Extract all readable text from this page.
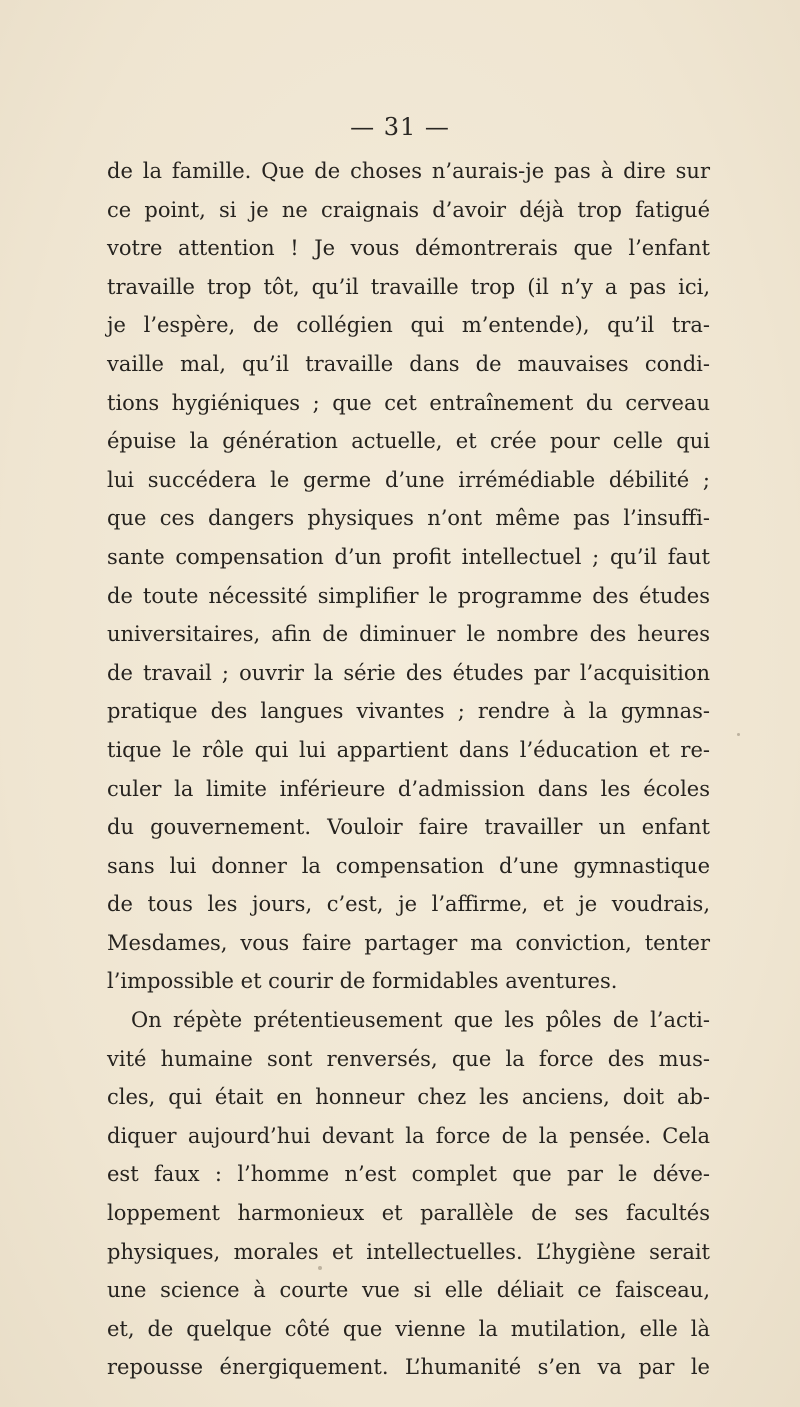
— 31 —
de la famille. Que de choses n’aurais-je pas à dire sur
ce point, si je ne craignais d’avoir déjà trop fatigué
votre attention ! Je vous démontrerais que l’enfant
travaille trop tôt, qu’il travaille trop (il n’y a pas ici,
je l’espère, de collégien qui m’entende), qu’il tra-
vaille mal, qu’il travaille dans de mauvaises condi-
tions hygiéniques ; que cet entraînement du cerveau
épuise la génération actuelle, et crée pour celle qui
lui succédera le germe d’une irrémédiable débilité ;
que ces dangers physiques n’ont même pas l’insuffi-
sante compensation d’un profit intellectuel ; qu’il faut
de toute nécessité simplifier le programme des études
universitaires, afin de diminuer le nombre des heures
de travail ; ouvrir la série des études par l’acquisition
pratique des langues vivantes ; rendre à la gymnas-
tique le rôle qui lui appartient dans l’éducation et re-
culer la limite inférieure d’admission dans les écoles
du gouvernement. Vouloir faire travailler un enfant
sans lui donner la compensation d’une gymnastique
de tous les jours, c’est, je l’affirme, et je voudrais,
Mesdames, vous faire partager ma conviction, tenter
l’impossible et courir de formidables aventures.
On répète prétentieusement que les pôles de l’acti-
vité humaine sont renversés, que la force des mus-
cles, qui était en honneur chez les anciens, doit ab-
diquer aujourd’hui devant la force de la pensée. Cela
est faux : l’homme n’est complet que par le déve-
loppement harmonieux et parallèle de ses facultés
physiques, morales et intellectuelles. L’hygiène serait
une science à courte vue si elle déliait ce faisceau,
et, de quelque côté que vienne la mutilation, elle là
repousse énergiquement. L’humanité s’en va par le
